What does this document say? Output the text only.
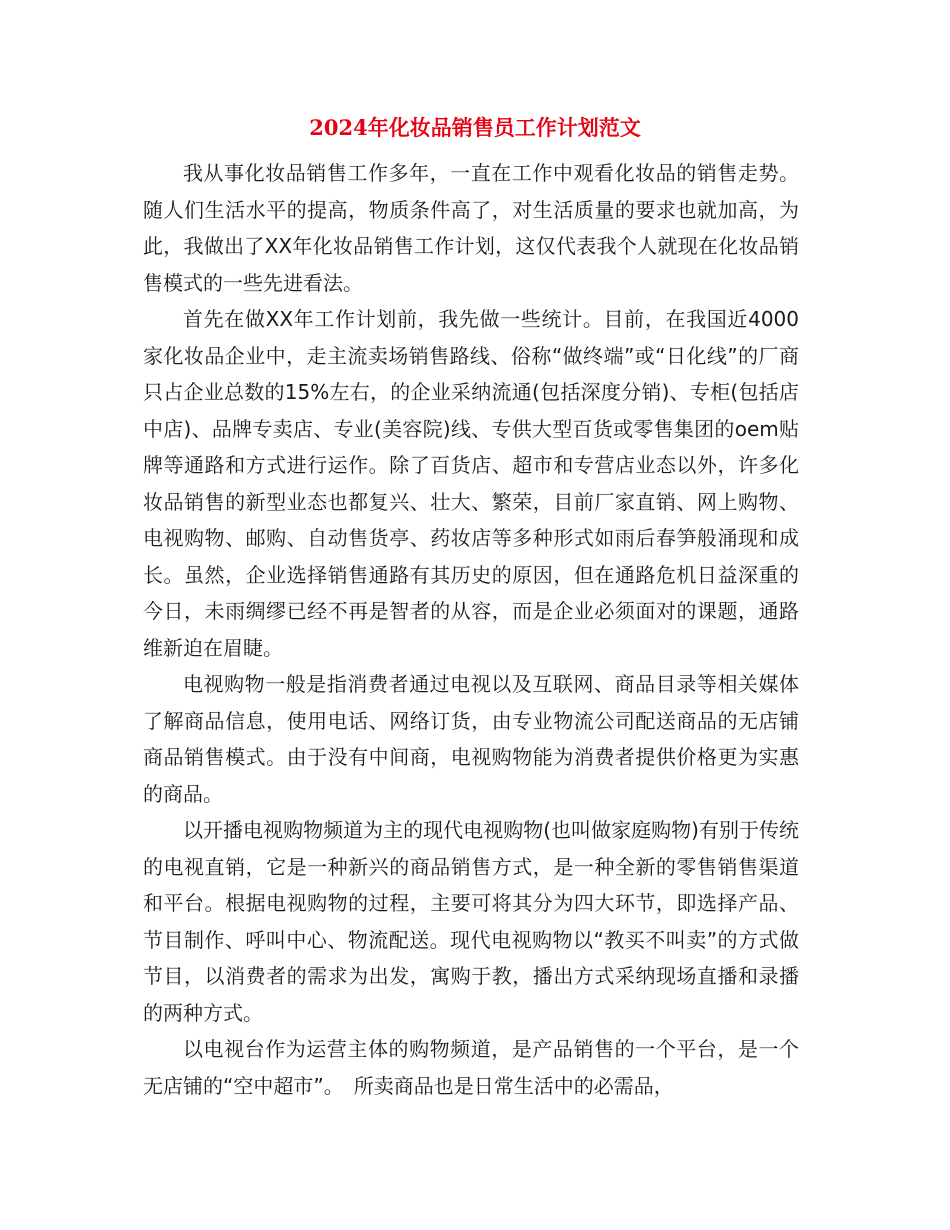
2024年化妆品销售员工作计划范文

我从事化妆品销售工作多年，一直在工作中观看化妆品的销售走势。随人们生活水平的提高，物质条件高了，对生活质量的要求也就加高，为此，我做出了XX年化妆品销售工作计划，这仅代表我个人就现在化妆品销售模式的一些先进看法。

首先在做XX年工作计划前，我先做一些统计。目前，在我国近4000家化妆品企业中，走主流卖场销售路线、俗称“做终端”或“日化线”的厂商只占企业总数的15%左右，的企业采纳流通(包括深度分销)、专柜(包括店中店)、品牌专卖店、专业(美容院)线、专供大型百货或零售集团的oem贴牌等通路和方式进行运作。除了百货店、超市和专营店业态以外，许多化妆品销售的新型业态也都复兴、壮大、繁荣，目前厂家直销、网上购物、电视购物、邮购、自动售货亭、药妆店等多种形式如雨后春笋般涌现和成长。虽然，企业选择销售通路有其历史的原因，但在通路危机日益深重的今日，未雨绸缪已经不再是智者的从容，而是企业必须面对的课题，通路维新迫在眉睫。

电视购物一般是指消费者通过电视以及互联网、商品目录等相关媒体了解商品信息，使用电话、网络订货，由专业物流公司配送商品的无店铺商品销售模式。由于没有中间商，电视购物能为消费者提供价格更为实惠的商品。

以开播电视购物频道为主的现代电视购物(也叫做家庭购物)有别于传统的电视直销，它是一种新兴的商品销售方式，是一种全新的零售销售渠道和平台。根据电视购物的过程，主要可将其分为四大环节，即选择产品、节目制作、呼叫中心、物流配送。现代电视购物以“教买不叫卖”的方式做节目，以消费者的需求为出发，寓购于教，播出方式采纳现场直播和录播的两种方式。

以电视台作为运营主体的购物频道，是产品销售的一个平台，是一个无店铺的“空中超市”。　所卖商品也是日常生活中的必需品，
